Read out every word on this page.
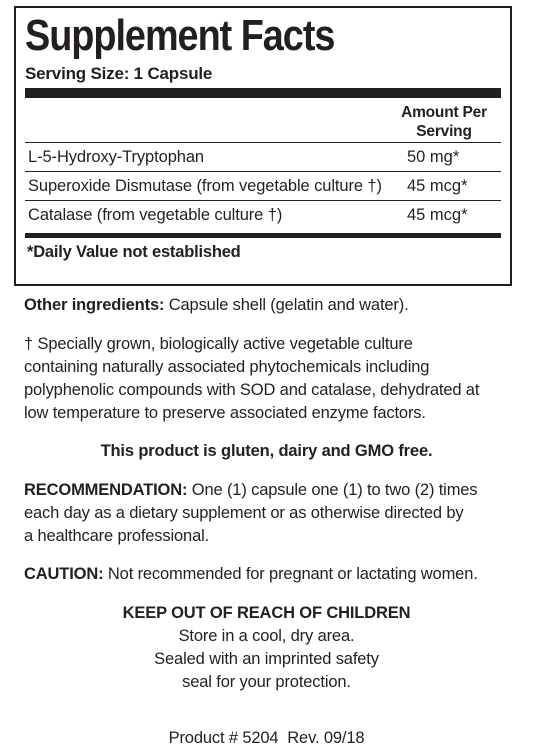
Supplement Facts
Serving Size: 1 Capsule
Amount Per
Serving
L-5-Hydroxy-Tryptophan	50 mg*
Superoxide Dismutase (from vegetable culture †) 45 mcg*
Catalase (from vegetable culture †)	45 mcg*
*Daily Value not established
Other ingredients: Capsule shell (gelatin and water).
† Specially grown, biologically active vegetable culture
containing naturally associated phytochemicals including
polyphenolic compounds with SOD and catalase, dehydrated at
low temperature to preserve associated enzyme factors.
This product is gluten, dairy and GMO free.
RECOMMENDATION: One (1) capsule one (1) to two (2) times
each day as a dietary supplement or as otherwise directed by
a healthcare professional.
CAUTION: Not recommended for pregnant or lactating women.
KEEP OUT OF REACH OF CHILDREN
Store in a cool, dry area.
Sealed with an imprinted safety
seal for your protection.
Product # 5204  Rev. 09/18
